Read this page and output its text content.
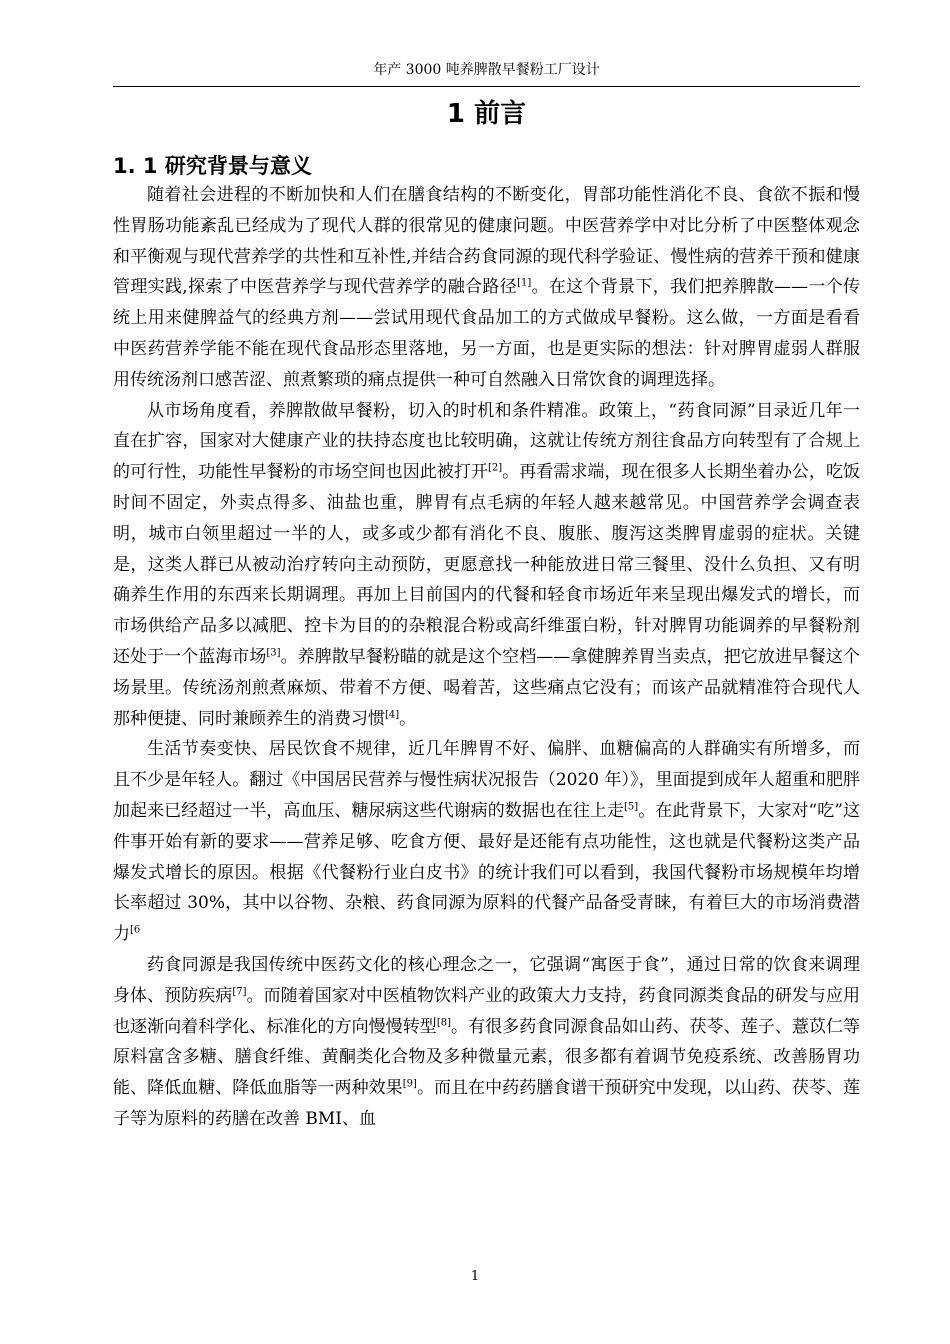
年产 3000 吨养脾散早餐粉工厂设计
1 前言
1. 1 研究背景与意义

随着社会进程的不断加快和人们在膳食结构的不断变化，胃部功能性消化不良、食欲不振和慢性胃肠功能紊乱已经成为了现代人群的很常见的健康问题。中医营养学中对比分析了中医整体观念和平衡观与现代营养学的共性和互补性,并结合药食同源的现代科学验证、慢性病的营养干预和健康管理实践,探索了中医营养学与现代营养学的融合路径[1]。在这个背景下，我们把养脾散——一个传统上用来健脾益气的经典方剂——尝试用现代食品加工的方式做成早餐粉。这么做，一方面是看看中医药营养学能不能在现代食品形态里落地，另一方面，也是更实际的想法：针对脾胃虚弱人群服用传统汤剂口感苦涩、煎煮繁琐的痛点提供一种可自然融入日常饮食的调理选择。

从市场角度看，养脾散做早餐粉，切入的时机和条件精准。政策上，“药食同源”目录近几年一直在扩容，国家对大健康产业的扶持态度也比较明确，这就让传统方剂往食品方向转型有了合规上的可行性，功能性早餐粉的市场空间也因此被打开[2]。再看需求端，现在很多人长期坐着办公，吃饭时间不固定，外卖点得多、油盐也重，脾胃有点毛病的年轻人越来越常见。中国营养学会调查表明，城市白领里超过一半的人，或多或少都有消化不良、腹胀、腹泻这类脾胃虚弱的症状。关键是，这类人群已从被动治疗转向主动预防，更愿意找一种能放进日常三餐里、没什么负担、又有明确养生作用的东西来长期调理。再加上目前国内的代餐和轻食市场近年来呈现出爆发式的增长，而市场供给产品多以减肥、控卡为目的的杂粮混合粉或高纤维蛋白粉，针对脾胃功能调养的早餐粉剂还处于一个蓝海市场[3]。养脾散早餐粉瞄的就是这个空档——拿健脾养胃当卖点，把它放进早餐这个场景里。传统汤剂煎煮麻烦、带着不方便、喝着苦，这些痛点它没有；而该产品就精准符合现代人那种便捷、同时兼顾养生的消费习惯[4]。

生活节奏变快、居民饮食不规律，近几年脾胃不好、偏胖、血糖偏高的人群确实有所增多，而且不少是年轻人。翻过《中国居民营养与慢性病状况报告（2020 年）》，里面提到成年人超重和肥胖加起来已经超过一半，高血压、糖尿病这些代谢病的数据也在往上走[5]。在此背景下，大家对“吃”这件事开始有新的要求——营养足够、吃食方便、最好是还能有点功能性，这也就是代餐粉这类产品爆发式增长的原因。根据《代餐粉行业白皮书》的统计我们可以看到，我国代餐粉市场规模年均增长率超过 30%，其中以谷物、杂粮、药食同源为原料的代餐产品备受青睐，有着巨大的市场消费潜力$^{[6}$

药食同源是我国传统中医药文化的核心理念之一，它强调“寓医于食”，通过日常的饮食来调理身体、预防疾病[7]。而随着国家对中医植物饮料产业的政策大力支持，药食同源类食品的研发与应用也逐渐向着科学化、标准化的方向慢慢转型[8]。有很多药食同源食品如山药、茯苓、莲子、薏苡仁等原料富含多糖、膳食纤维、黄酮类化合物及多种微量元素，很多都有着调节免疫系统、改善肠胃功能、降低血糖、降低血脂等一两种效果[9]。而且在中药药膳食谱干预研究中发现，以山药、茯苓、莲子等为原料的药膳在改善 BMI、血

1
